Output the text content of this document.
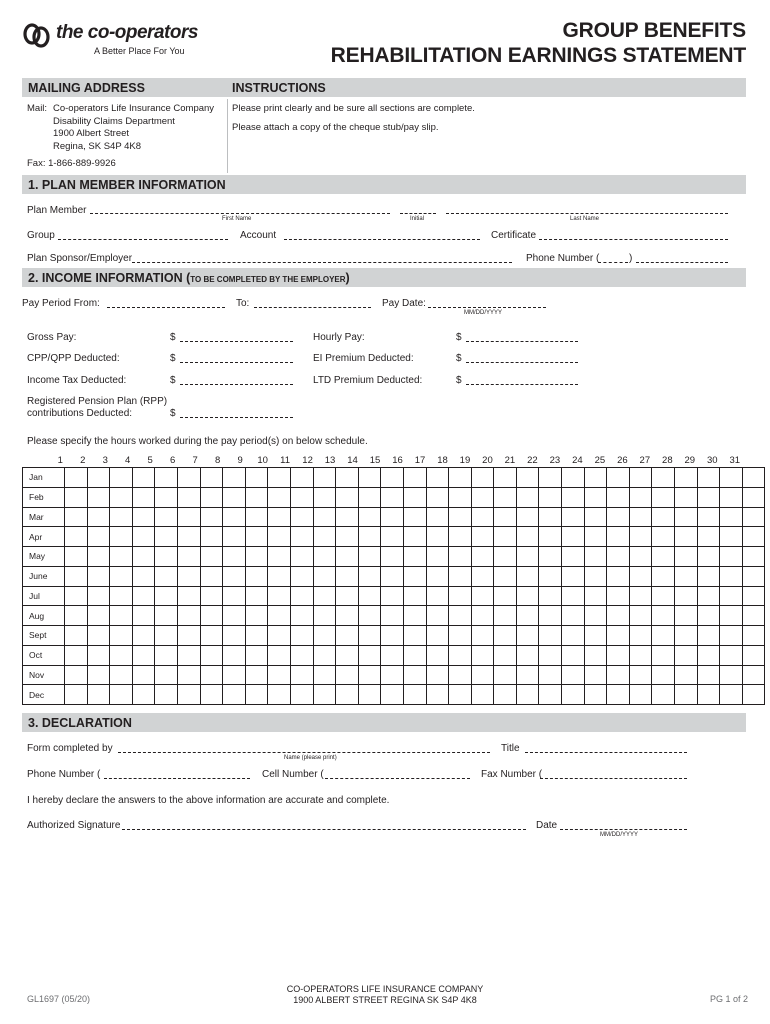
the co-operators
A Better Place For You
GROUP BENEFITS
REHABILITATION EARNINGS STATEMENT
MAILING ADDRESS	INSTRUCTIONS
Mail: Co-operators Life Insurance Company
Disability Claims Department
1900 Albert Street
Regina, SK S4P 4K8
Fax: 1-866-889-9926
Please print clearly and be sure all sections are complete.
Please attach a copy of the cheque stub/pay slip.
1. PLAN MEMBER INFORMATION
Plan Member
First Name	Initial	Last Name
Group	Account	Certificate
Plan Sponsor/Employer	Phone Number (	)
2. INCOME INFORMATION (TO BE COMPLETED BY THE EMPLOYER)
Pay Period From:	To:	Pay Date:
MM/DD/YYYY
Gross Pay:	$	Hourly Pay:	$
CPP/QPP Deducted:	$	EI Premium Deducted:	$
Income Tax Deducted:	$	LTD Premium Deducted:	$
Registered Pension Plan (RPP)
contributions Deducted:	$
Please specify the hours worked during the pay period(s) on below schedule.
1	2	3	4	5	6	7	8	9	10	11	12	13	14	15	16	17	18	19	20	21	22	23	24	25	26	27	28	29	30	31
Jan																															
Feb																															
Mar																															
Apr																															
May																															
June																															
Jul																															
Aug																															
Sept																															
Oct																															
Nov																															
Dec																															
3. DECLARATION
Form completed by
Name (please print)
Title
Phone Number (	Cell Number (	Fax Number (
I hereby declare the answers to the above information are accurate and complete.
Authorized Signature	Date
MM/DD/YYYY
GL1697 (05/20)
CO-OPERATORS LIFE INSURANCE COMPANY
1900 ALBERT STREET REGINA SK S4P 4K8	PG 1 of 2
